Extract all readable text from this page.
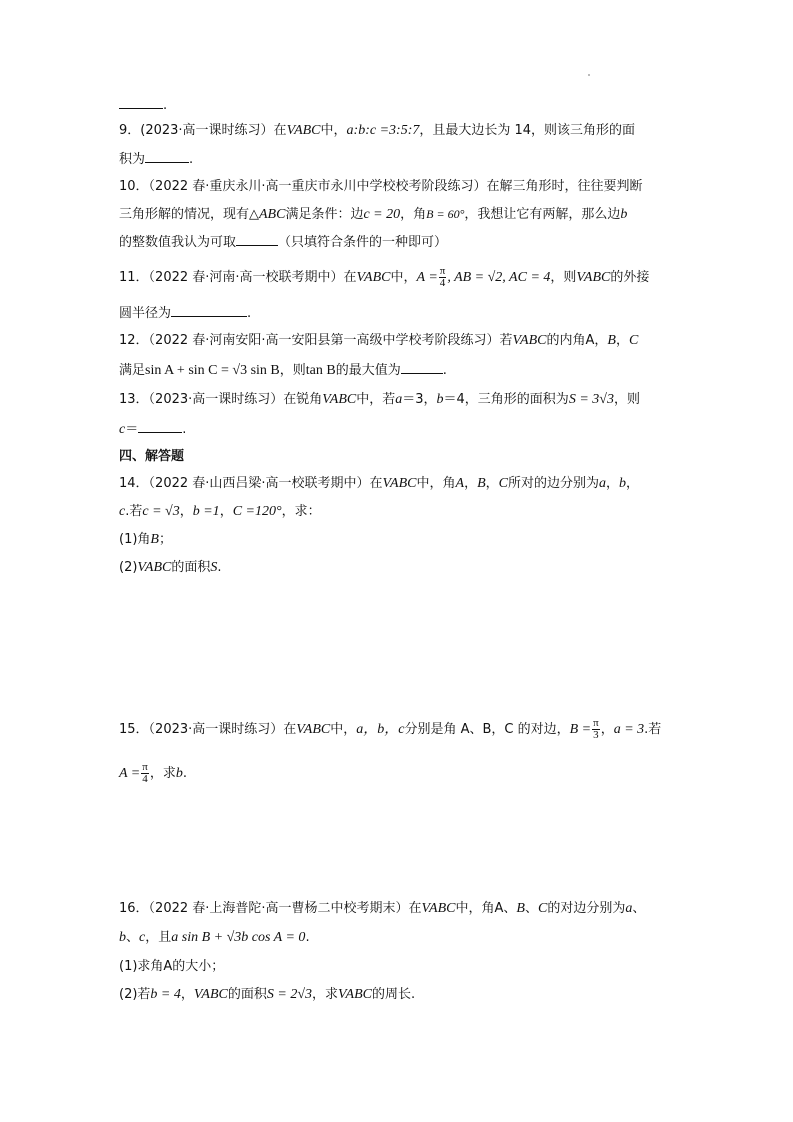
.
9．(2023·高一课时练习）在VABC中，a:b:c =3:5:7，且最大边长为 14，则该三角形的面
积为	.
10．（2022 春·重庆永川·高一重庆市永川中学校校考阶段练习）在解三角形时，往往要判断
三角形解的情况，现有△ABC满足条件：边c = 20，角B = 60°，我想让它有两解，那么边b
的整数值我认为可取	（只填符合条件的一种即可）
11．（2022 春·河南·高一校联考期中）在VABC中，$A = \frac{\pi}{4}$ , AB = √2, AC = 4，则VABC的外接
圆半径为	.
12．（2022 春·河南安阳·高一安阳县第一高级中学校考阶段练习）若VABC的内角A，B，C
满足sin A + sin C = √3 sin B，则tan B的最大值为	.
13．（2023·高一课时练习）在锐角VABC中，若a＝3，b＝4，三角形的面积为S = 3√3，则
c＝	.
四、解答题
14．（2022 春·山西吕梁·高一校联考期中）在VABC中，角A，B，C所对的边分别为a，b，
c.若c = √3，b =1，C =120°，求：
(1)角B；
(2)VABC的面积S.
15．（2023·高一课时练习）在VABC中，a，b，c分别是角 A、B，C 的对边，$B = \frac{\pi}{3}$ ，a = 3.若
$A = \frac{\pi}{4}$ ，求b.
16．（2022 春·上海普陀·高一曹杨二中校考期末）在VABC中，角A、B、C的对边分别为a、
b、c，且a sin B + √3b cos A = 0.
(1)求角A的大小；
(2)若b = 4，VABC的面积S = 2√3，求VABC的周长.
